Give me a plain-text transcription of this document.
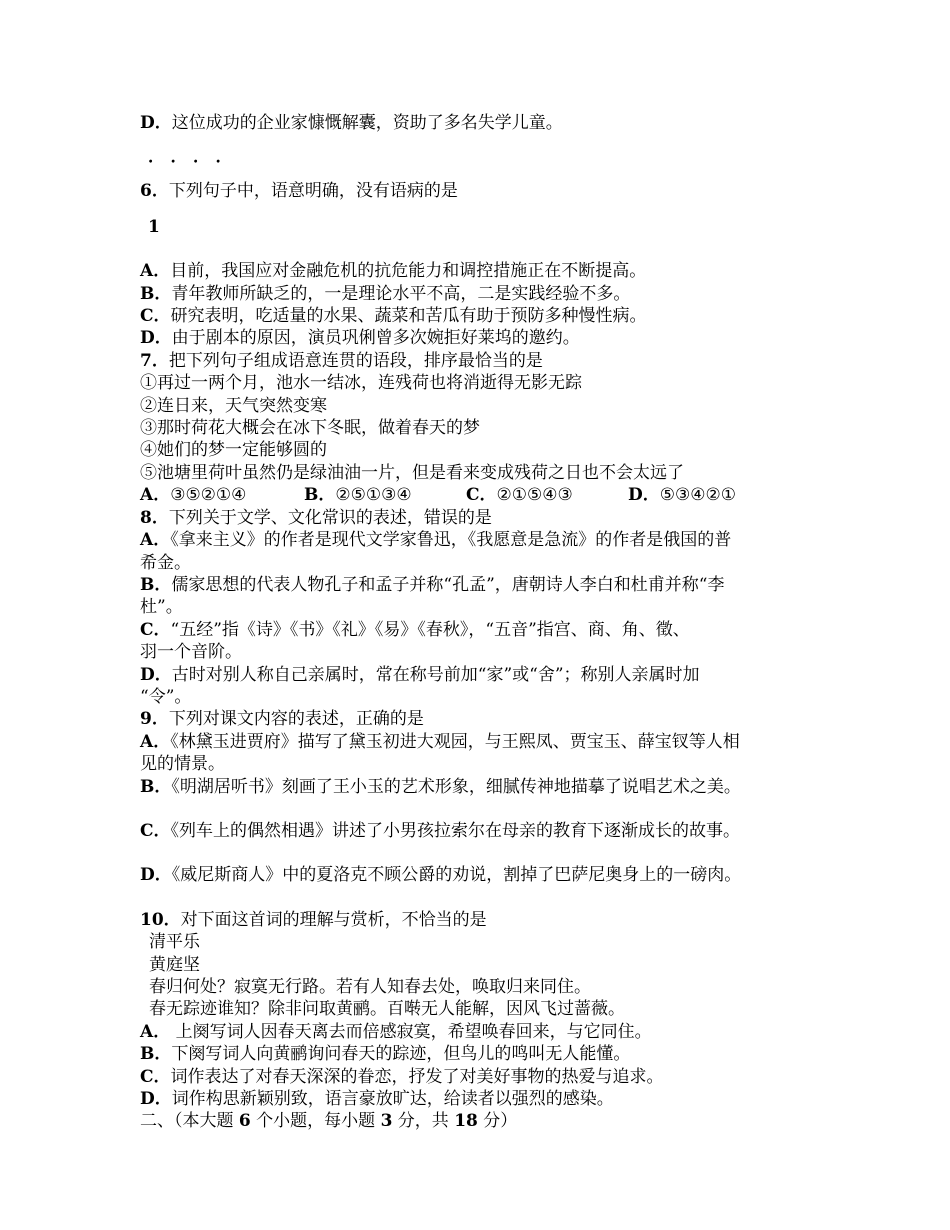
D．这位成功的企业家慷慨解囊，资助了多名失学儿童。

．．．．

6．下列句子中，语意明确，没有语病的是

1

A．目前，我国应对金融危机的抗危能力和调控措施正在不断提高。

B．青年教师所缺乏的，一是理论水平不高，二是实践经验不多。

C．研究表明，吃适量的水果、蔬菜和苦瓜有助于预防多种慢性病。

D．由于剧本的原因，演员巩俐曾多次婉拒好莱坞的邀约。

7．把下列句子组成语意连贯的语段，排序最恰当的是

①再过一两个月，池水一结冰，连残荷也将消逝得无影无踪

②连日来，天气突然变寒

③那时荷花大概会在冰下冬眠，做着春天的梦

④她们的梦一定能够圆的

⑤池塘里荷叶虽然仍是绿油油一片，但是看来变成残荷之日也不会太远了

A．③⑤②①④	B．②⑤①③④	C．②①⑤④③	D．⑤③④②①

8．下列关于文学、文化常识的表述，错误的是

A．《拿来主义》的作者是现代文学家鲁迅，《我愿意是急流》的作者是俄国的普

希金。

B．儒家思想的代表人物孔子和孟子并称“孔孟”，唐朝诗人李白和杜甫并称“李

杜”。

C．“五经”指《诗》《书》《礼》《易》《春秋》，“五音”指宫、商、角、徵、

羽一个音阶。

D．古时对别人称自己亲属时，常在称号前加“家”或“舍”；称别人亲属时加

“令”。

9．下列对课文内容的表述，正确的是

A．《林黛玉进贾府》描写了黛玉初进大观园，与王熙凤、贾宝玉、薛宝钗等人相

见的情景。

B．《明湖居听书》刻画了王小玉的艺术形象，细腻传神地描摹了说唱艺术之美。

C．《列车上的偶然相遇》讲述了小男孩拉索尔在母亲的教育下逐渐成长的故事。

D．《威尼斯商人》中的夏洛克不顾公爵的劝说，割掉了巴萨尼奥身上的一磅肉。

10．对下面这首词的理解与赏析，不恰当的是

清平乐

黄庭坚

春归何处？寂寞无行路。若有人知春去处，唤取归来同住。

春无踪迹谁知？除非问取黄鹂。百啭无人能解，因风飞过蔷薇。

A． 上阕写词人因春天离去而倍感寂寞，希望唤春回来，与它同住。

B．下阕写词人向黄鹂询问春天的踪迹，但鸟儿的鸣叫无人能懂。

C．词作表达了对春天深深的眷恋，抒发了对美好事物的热爱与追求。

D．词作构思新颖别致，语言豪放旷达，给读者以强烈的感染。

二、（本大题 6 个小题，每小题 3 分，共 18 分）
